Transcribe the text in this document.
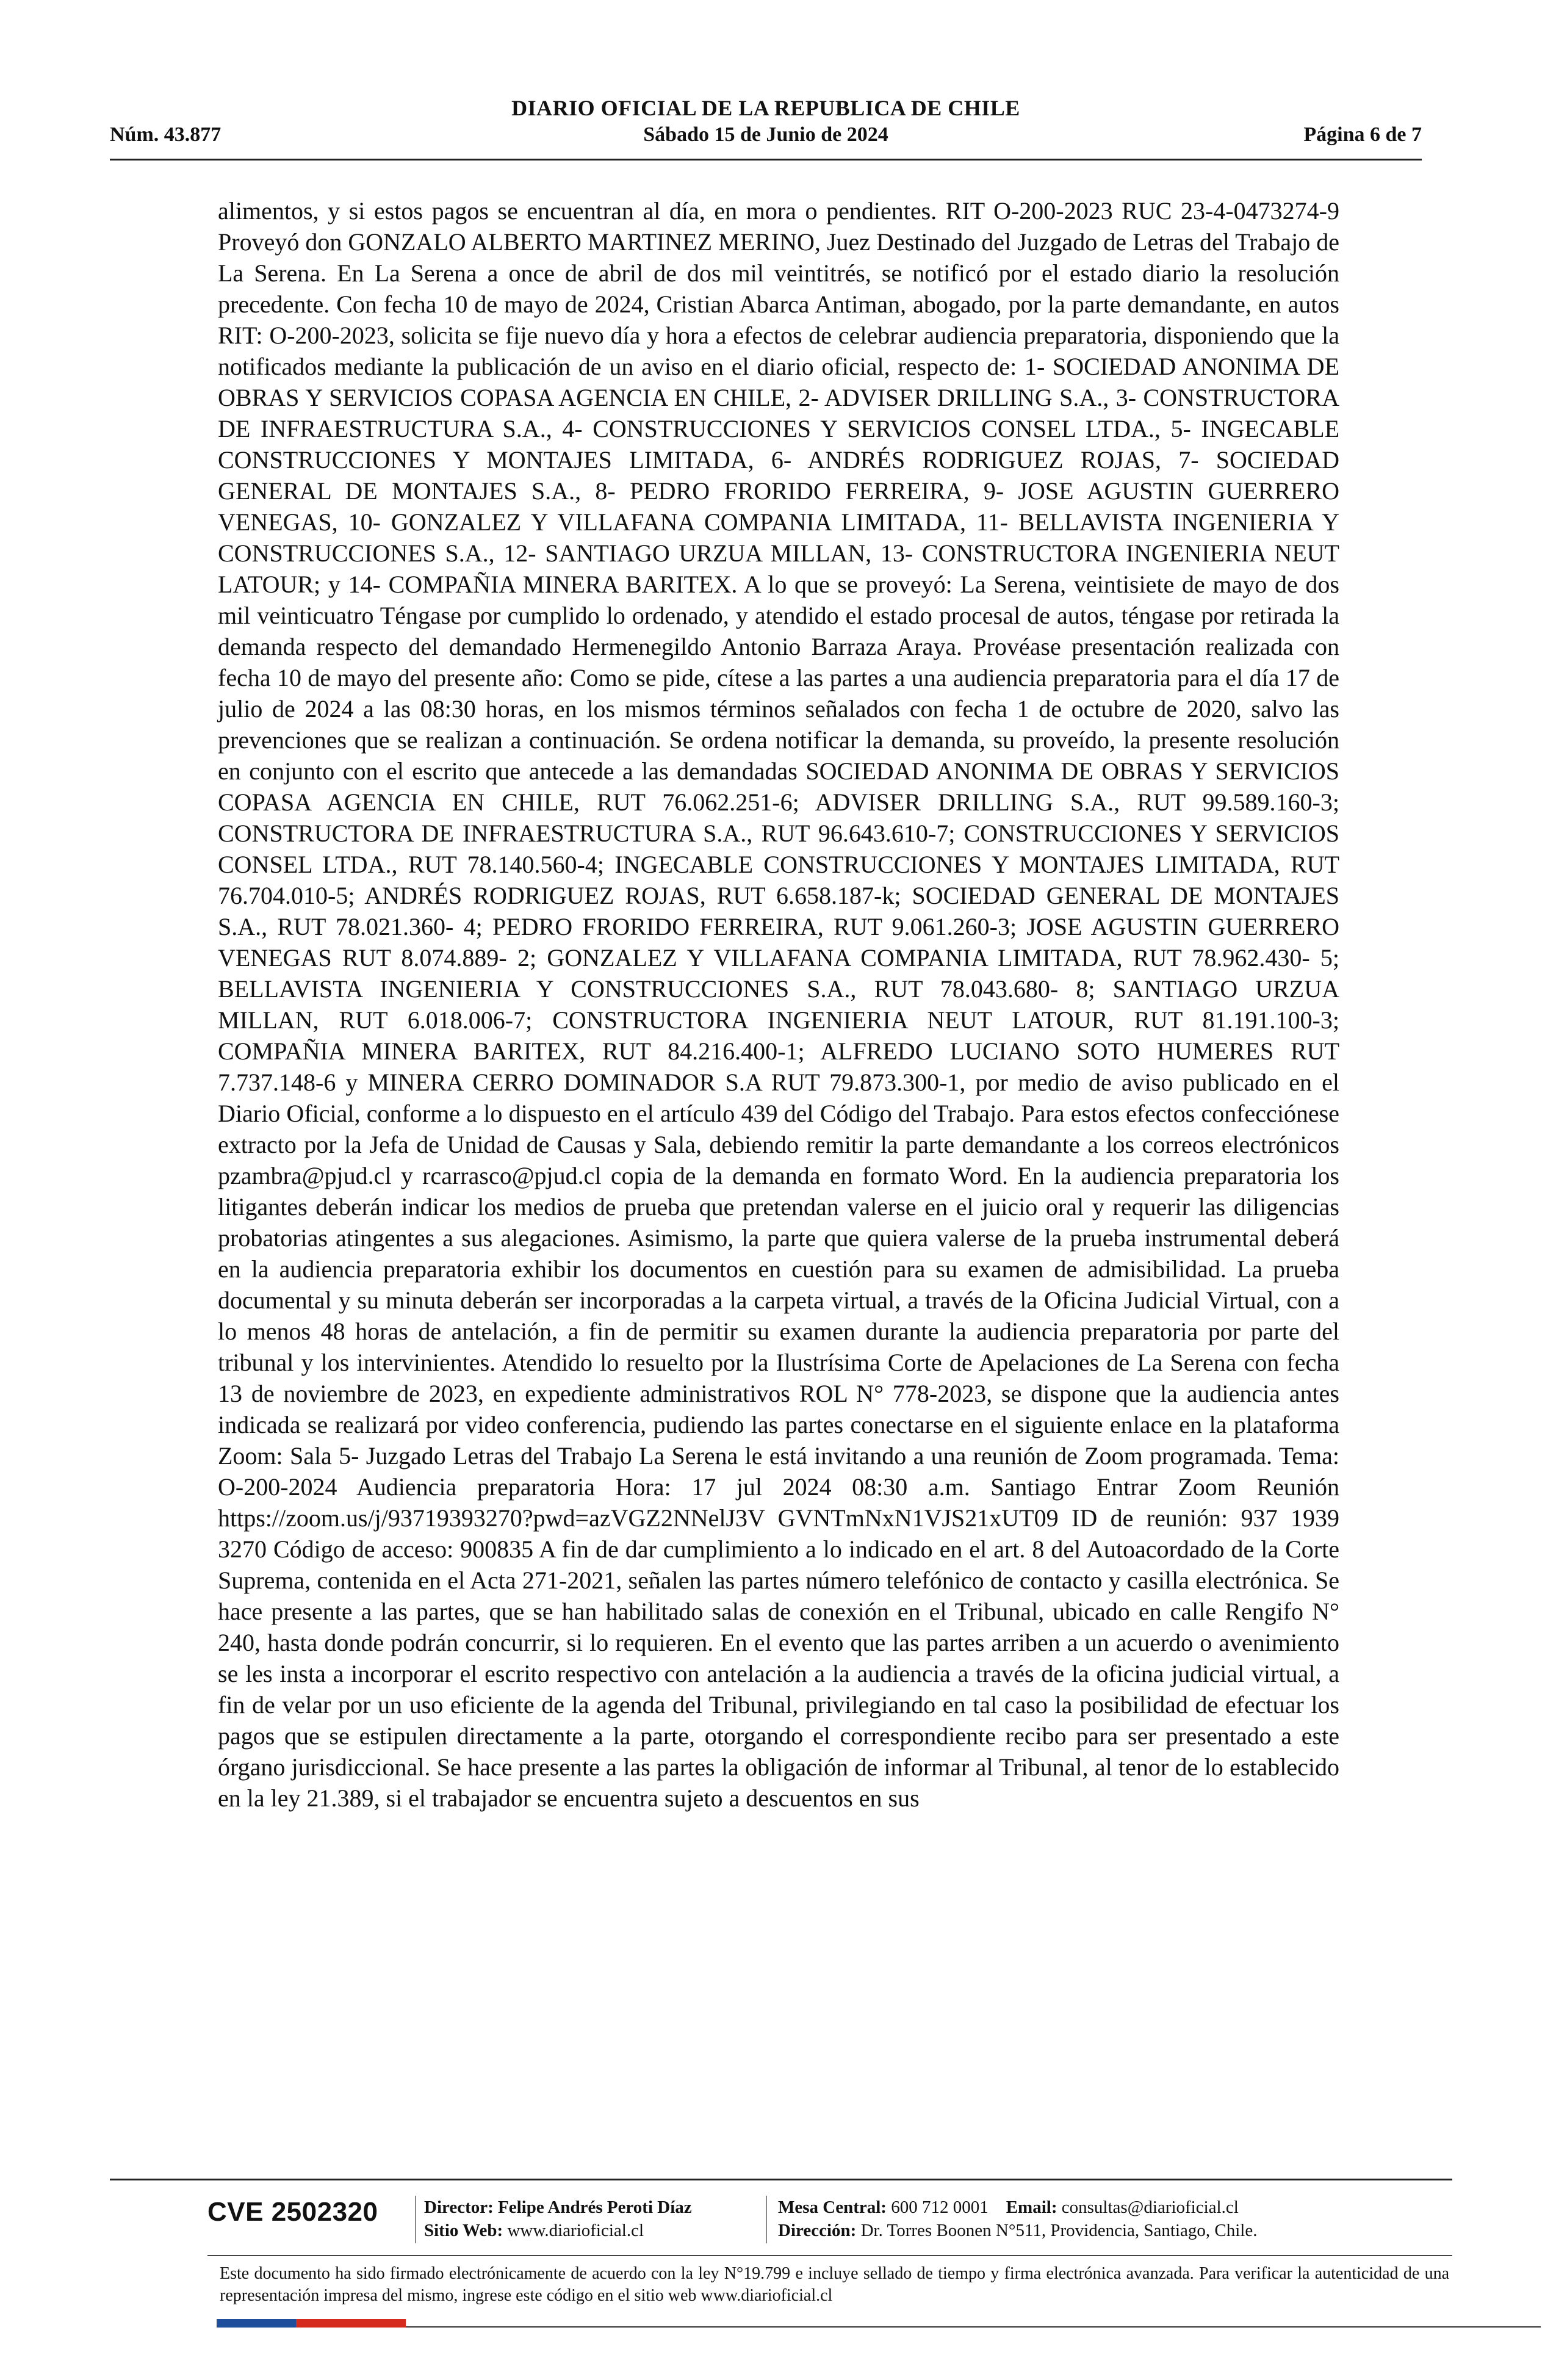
DIARIO OFICIAL DE LA REPUBLICA DE CHILE
Núm. 43.877	Sábado 15 de Junio de 2024	Página 6 de 7
alimentos, y si estos pagos se encuentran al día, en mora o pendientes. RIT O-200-2023 RUC 23-4-0473274-9 Proveyó don GONZALO ALBERTO MARTINEZ MERINO, Juez Destinado del Juzgado de Letras del Trabajo de La Serena. En La Serena a once de abril de dos mil veintitrés, se notificó por el estado diario la resolución precedente. Con fecha 10 de mayo de 2024, Cristian Abarca Antiman, abogado, por la parte demandante, en autos RIT: O-200-2023, solicita se fije nuevo día y hora a efectos de celebrar audiencia preparatoria, disponiendo que la notificados mediante la publicación de un aviso en el diario oficial, respecto de: 1- SOCIEDAD ANONIMA DE OBRAS Y SERVICIOS COPASA AGENCIA EN CHILE, 2- ADVISER DRILLING S.A., 3- CONSTRUCTORA DE INFRAESTRUCTURA S.A., 4- CONSTRUCCIONES Y SERVICIOS CONSEL LTDA., 5- INGECABLE CONSTRUCCIONES Y MONTAJES LIMITADA, 6- ANDRÉS RODRIGUEZ ROJAS, 7- SOCIEDAD GENERAL DE MONTAJES S.A., 8- PEDRO FRORIDO FERREIRA, 9- JOSE AGUSTIN GUERRERO VENEGAS, 10- GONZALEZ Y VILLAFANA COMPANIA LIMITADA, 11- BELLAVISTA INGENIERIA Y CONSTRUCCIONES S.A., 12- SANTIAGO URZUA MILLAN, 13- CONSTRUCTORA INGENIERIA NEUT LATOUR; y 14- COMPAÑIA MINERA BARITEX. A lo que se proveyó: La Serena, veintisiete de mayo de dos mil veinticuatro Téngase por cumplido lo ordenado, y atendido el estado procesal de autos, téngase por retirada la demanda respecto del demandado Hermenegildo Antonio Barraza Araya. Provéase presentación realizada con fecha 10 de mayo del presente año: Como se pide, cítese a las partes a una audiencia preparatoria para el día 17 de julio de 2024 a las 08:30 horas, en los mismos términos señalados con fecha 1 de octubre de 2020, salvo las prevenciones que se realizan a continuación. Se ordena notificar la demanda, su proveído, la presente resolución en conjunto con el escrito que antecede a las demandadas SOCIEDAD ANONIMA DE OBRAS Y SERVICIOS COPASA AGENCIA EN CHILE, RUT 76.062.251-6; ADVISER DRILLING S.A., RUT 99.589.160-3; CONSTRUCTORA DE INFRAESTRUCTURA S.A., RUT 96.643.610-7; CONSTRUCCIONES Y SERVICIOS CONSEL LTDA., RUT 78.140.560-4; INGECABLE CONSTRUCCIONES Y MONTAJES LIMITADA, RUT 76.704.010-5; ANDRÉS RODRIGUEZ ROJAS, RUT 6.658.187-k; SOCIEDAD GENERAL DE MONTAJES S.A., RUT 78.021.360- 4; PEDRO FRORIDO FERREIRA, RUT 9.061.260-3; JOSE AGUSTIN GUERRERO VENEGAS RUT 8.074.889- 2; GONZALEZ Y VILLAFANA COMPANIA LIMITADA, RUT 78.962.430- 5; BELLAVISTA INGENIERIA Y CONSTRUCCIONES S.A., RUT 78.043.680- 8; SANTIAGO URZUA MILLAN, RUT 6.018.006-7; CONSTRUCTORA INGENIERIA NEUT LATOUR, RUT 81.191.100-3; COMPAÑIA MINERA BARITEX, RUT 84.216.400-1; ALFREDO LUCIANO SOTO HUMERES RUT 7.737.148-6 y MINERA CERRO DOMINADOR S.A RUT 79.873.300-1, por medio de aviso publicado en el Diario Oficial, conforme a lo dispuesto en el artículo 439 del Código del Trabajo. Para estos efectos confecciónese extracto por la Jefa de Unidad de Causas y Sala, debiendo remitir la parte demandante a los correos electrónicos pzambra@pjud.cl y rcarrasco@pjud.cl copia de la demanda en formato Word. En la audiencia preparatoria los litigantes deberán indicar los medios de prueba que pretendan valerse en el juicio oral y requerir las diligencias probatorias atingentes a sus alegaciones. Asimismo, la parte que quiera valerse de la prueba instrumental deberá en la audiencia preparatoria exhibir los documentos en cuestión para su examen de admisibilidad. La prueba documental y su minuta deberán ser incorporadas a la carpeta virtual, a través de la Oficina Judicial Virtual, con a lo menos 48 horas de antelación, a fin de permitir su examen durante la audiencia preparatoria por parte del tribunal y los intervinientes. Atendido lo resuelto por la Ilustrísima Corte de Apelaciones de La Serena con fecha 13 de noviembre de 2023, en expediente administrativos ROL N° 778-2023, se dispone que la audiencia antes indicada se realizará por video conferencia, pudiendo las partes conectarse en el siguiente enlace en la plataforma Zoom: Sala 5- Juzgado Letras del Trabajo La Serena le está invitando a una reunión de Zoom programada. Tema: O-200-2024 Audiencia preparatoria Hora: 17 jul 2024 08:30 a.m. Santiago Entrar Zoom Reunión https://zoom.us/j/93719393270?pwd=azVGZ2NNelJ3V GVNTmNxN1VJS21xUT09 ID de reunión: 937 1939 3270 Código de acceso: 900835 A fin de dar cumplimiento a lo indicado en el art. 8 del Autoacordado de la Corte Suprema, contenida en el Acta 271-2021, señalen las partes número telefónico de contacto y casilla electrónica. Se hace presente a las partes, que se han habilitado salas de conexión en el Tribunal, ubicado en calle Rengifo N° 240, hasta donde podrán concurrir, si lo requieren. En el evento que las partes arriben a un acuerdo o avenimiento se les insta a incorporar el escrito respectivo con antelación a la audiencia a través de la oficina judicial virtual, a fin de velar por un uso eficiente de la agenda del Tribunal, privilegiando en tal caso la posibilidad de efectuar los pagos que se estipulen directamente a la parte, otorgando el correspondiente recibo para ser presentado a este órgano jurisdiccional. Se hace presente a las partes la obligación de informar al Tribunal, al tenor de lo establecido en la ley 21.389, si el trabajador se encuentra sujeto a descuentos en sus
CVE 2502320	Director: Felipe Andrés Peroti Díaz
Sitio Web: www.diarioficial.cl
Mesa Central: 600 712 0001 Email: consultas@diarioficial.cl
Dirección: Dr. Torres Boonen N°511, Providencia, Santiago, Chile.
Este documento ha sido firmado electrónicamente de acuerdo con la ley N°19.799 e incluye sellado de tiempo y firma electrónica avanzada. Para verificar la autenticidad de una representación impresa del mismo, ingrese este código en el sitio web www.diarioficial.cl
